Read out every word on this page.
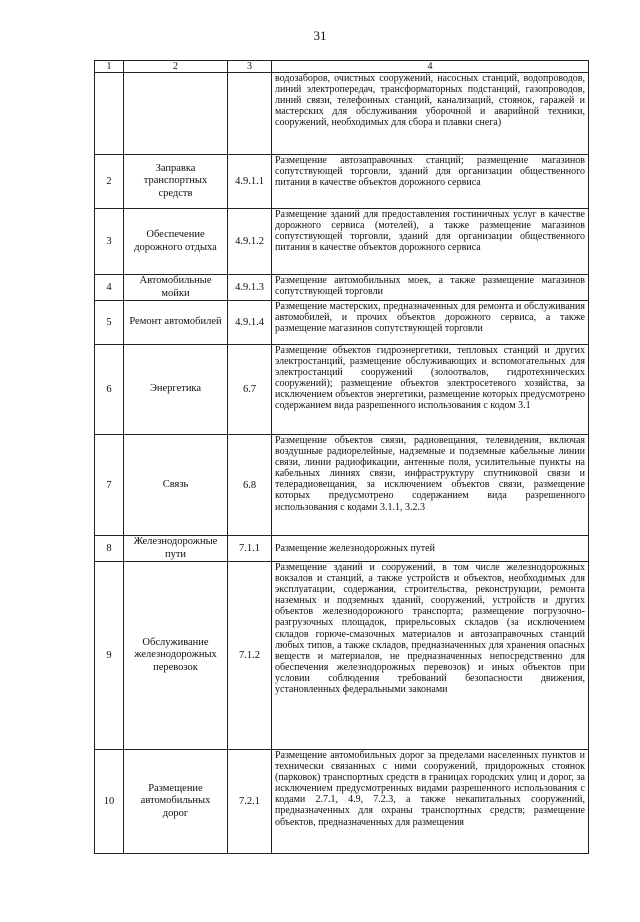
31
1	2	3	4
			водозаборов, очистных сооружений, насосных станций, водопроводов, линий электропередач, трансформаторных подстанций, газопроводов, линий связи, телефонных станций, канализаций, стоянок, гаражей и мастерских для обслуживания уборочной и аварийной техники, сооружений, необходимых для сбора и плавки снега)
2	Заправка транспортных средств	4.9.1.1	Размещение автозаправочных станций; размещение магазинов сопутствующей торговли, зданий для организации общественного питания в качестве объектов дорожного сервиса
3	Обеспечение дорожного отдыха	4.9.1.2	Размещение зданий для предоставления гостиничных услуг в качестве дорожного сервиса (мотелей), а также размещение магазинов сопутствующей торговли, зданий для организации общественного питания в качестве объектов дорожного сервиса
4	Автомобильные мойки	4.9.1.3	Размещение автомобильных моек, а также размещение магазинов сопутствующей торговли
5	Ремонт автомобилей	4.9.1.4	Размещение мастерских, предназначенных для ремонта и обслуживания автомобилей, и прочих объектов дорожного сервиса, а также размещение магазинов сопутствующей торговли
6	Энергетика	6.7	Размещение объектов гидроэнергетики, тепловых станций и других электростанций, размещение обслуживающих и вспомогательных для электростанций сооружений (золоотвалов, гидротехнических сооружений); размещение объектов электросетевого хозяйства, за исключением объектов энергетики, размещение которых предусмотрено содержанием вида разрешенного использования с кодом 3.1
7	Связь	6.8	Размещение объектов связи, радиовещания, телевидения, включая воздушные радиорелейные, надземные и подземные кабельные линии связи, линии радиофикации, антенные поля, усилительные пункты на кабельных линиях связи, инфраструктуру спутниковой связи и телерадиовещания, за исключением объектов связи, размещение которых предусмотрено содержанием вида разрешенного использования с кодами 3.1.1, 3.2.3
8	Железнодорожные пути	7.1.1	Размещение железнодорожных путей
9	Обслуживание железнодорожных перевозок	7.1.2	Размещение зданий и сооружений, в том числе железнодорожных вокзалов и станций, а также устройств и объектов, необходимых для эксплуатации, содержания, строительства, реконструкции, ремонта наземных и подземных зданий, сооружений, устройств и других объектов железнодорожного транспорта; размещение погрузочно-разгрузочных площадок, прирельсовых складов (за исключением складов горюче-смазочных материалов и автозаправочных станций любых типов, а также складов, предназначенных для хранения опасных веществ и материалов, не предназначенных непосредственно для обеспечения железнодорожных перевозок) и иных объектов при условии соблюдения требований безопасности движения, установленных федеральными законами
10	Размещение автомобильных дорог	7.2.1	Размещение автомобильных дорог за пределами населенных пунктов и технически связанных с ними сооружений, придорожных стоянок (парковок) транспортных средств в границах городских улиц и дорог, за исключением предусмотренных видами разрешенного использования с кодами 2.7.1, 4.9, 7.2.3, а также некапитальных сооружений, предназначенных для охраны транспортных средств; размещение объектов, предназначенных для размещения
